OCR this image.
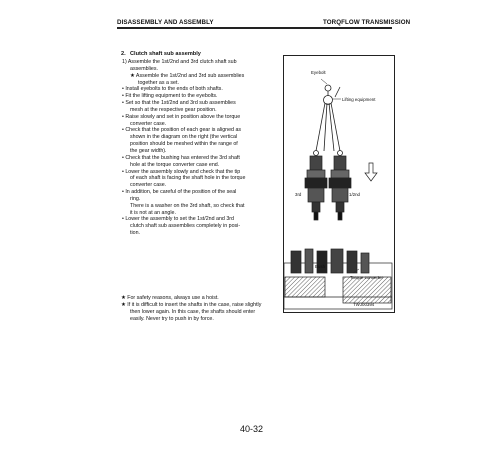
DISASSEMBLY AND ASSEMBLY	TORQFLOW TRANSMISSION
2. Clutch shaft sub assembly
1) Assemble the 1st/2nd and 3rd clutch shaft sub
assemblies.
★ Assemble the 1st/2nd and 3rd sub assemblies
together as a set.
• Install eyebolts to the ends of both shafts.
• Fit the lifting equipment to the eyebolts.
• Set so that the 1st/2nd and 3rd sub assemblies
mesh at the respective gear position.
• Raise slowly and set in position above the torque
converter case.
• Check that the position of each gear is aligned as
shown in the diagram on the right (the vertical
position should be meshed within the range of
the gear width).
• Check that the bushing has entered the 3rd shaft
hole at the torque converter case end.
• Lower the assembly slowly and check that the tip
of each shaft is facing the shaft hole in the torque
converter case.
• In addition, be careful of the position of the seal
ring.
There is a washer on the 3rd shaft, so check that
it is not at an angle.
• Lower the assembly to set the 1st/2nd and 3rd
clutch shaft sub assemblies completely in posi-
tion.
★ For safety reasons, always use a hoist.
★ If it is difficult to insert the shafts in the case, raise slightly then lower again. In this case, the shafts should enter easily. Never try to push in by force.
Eyebolt
Lifting equipment
3rd	1/2nd
Bush
Torque converter
TWJ00394
40-32
